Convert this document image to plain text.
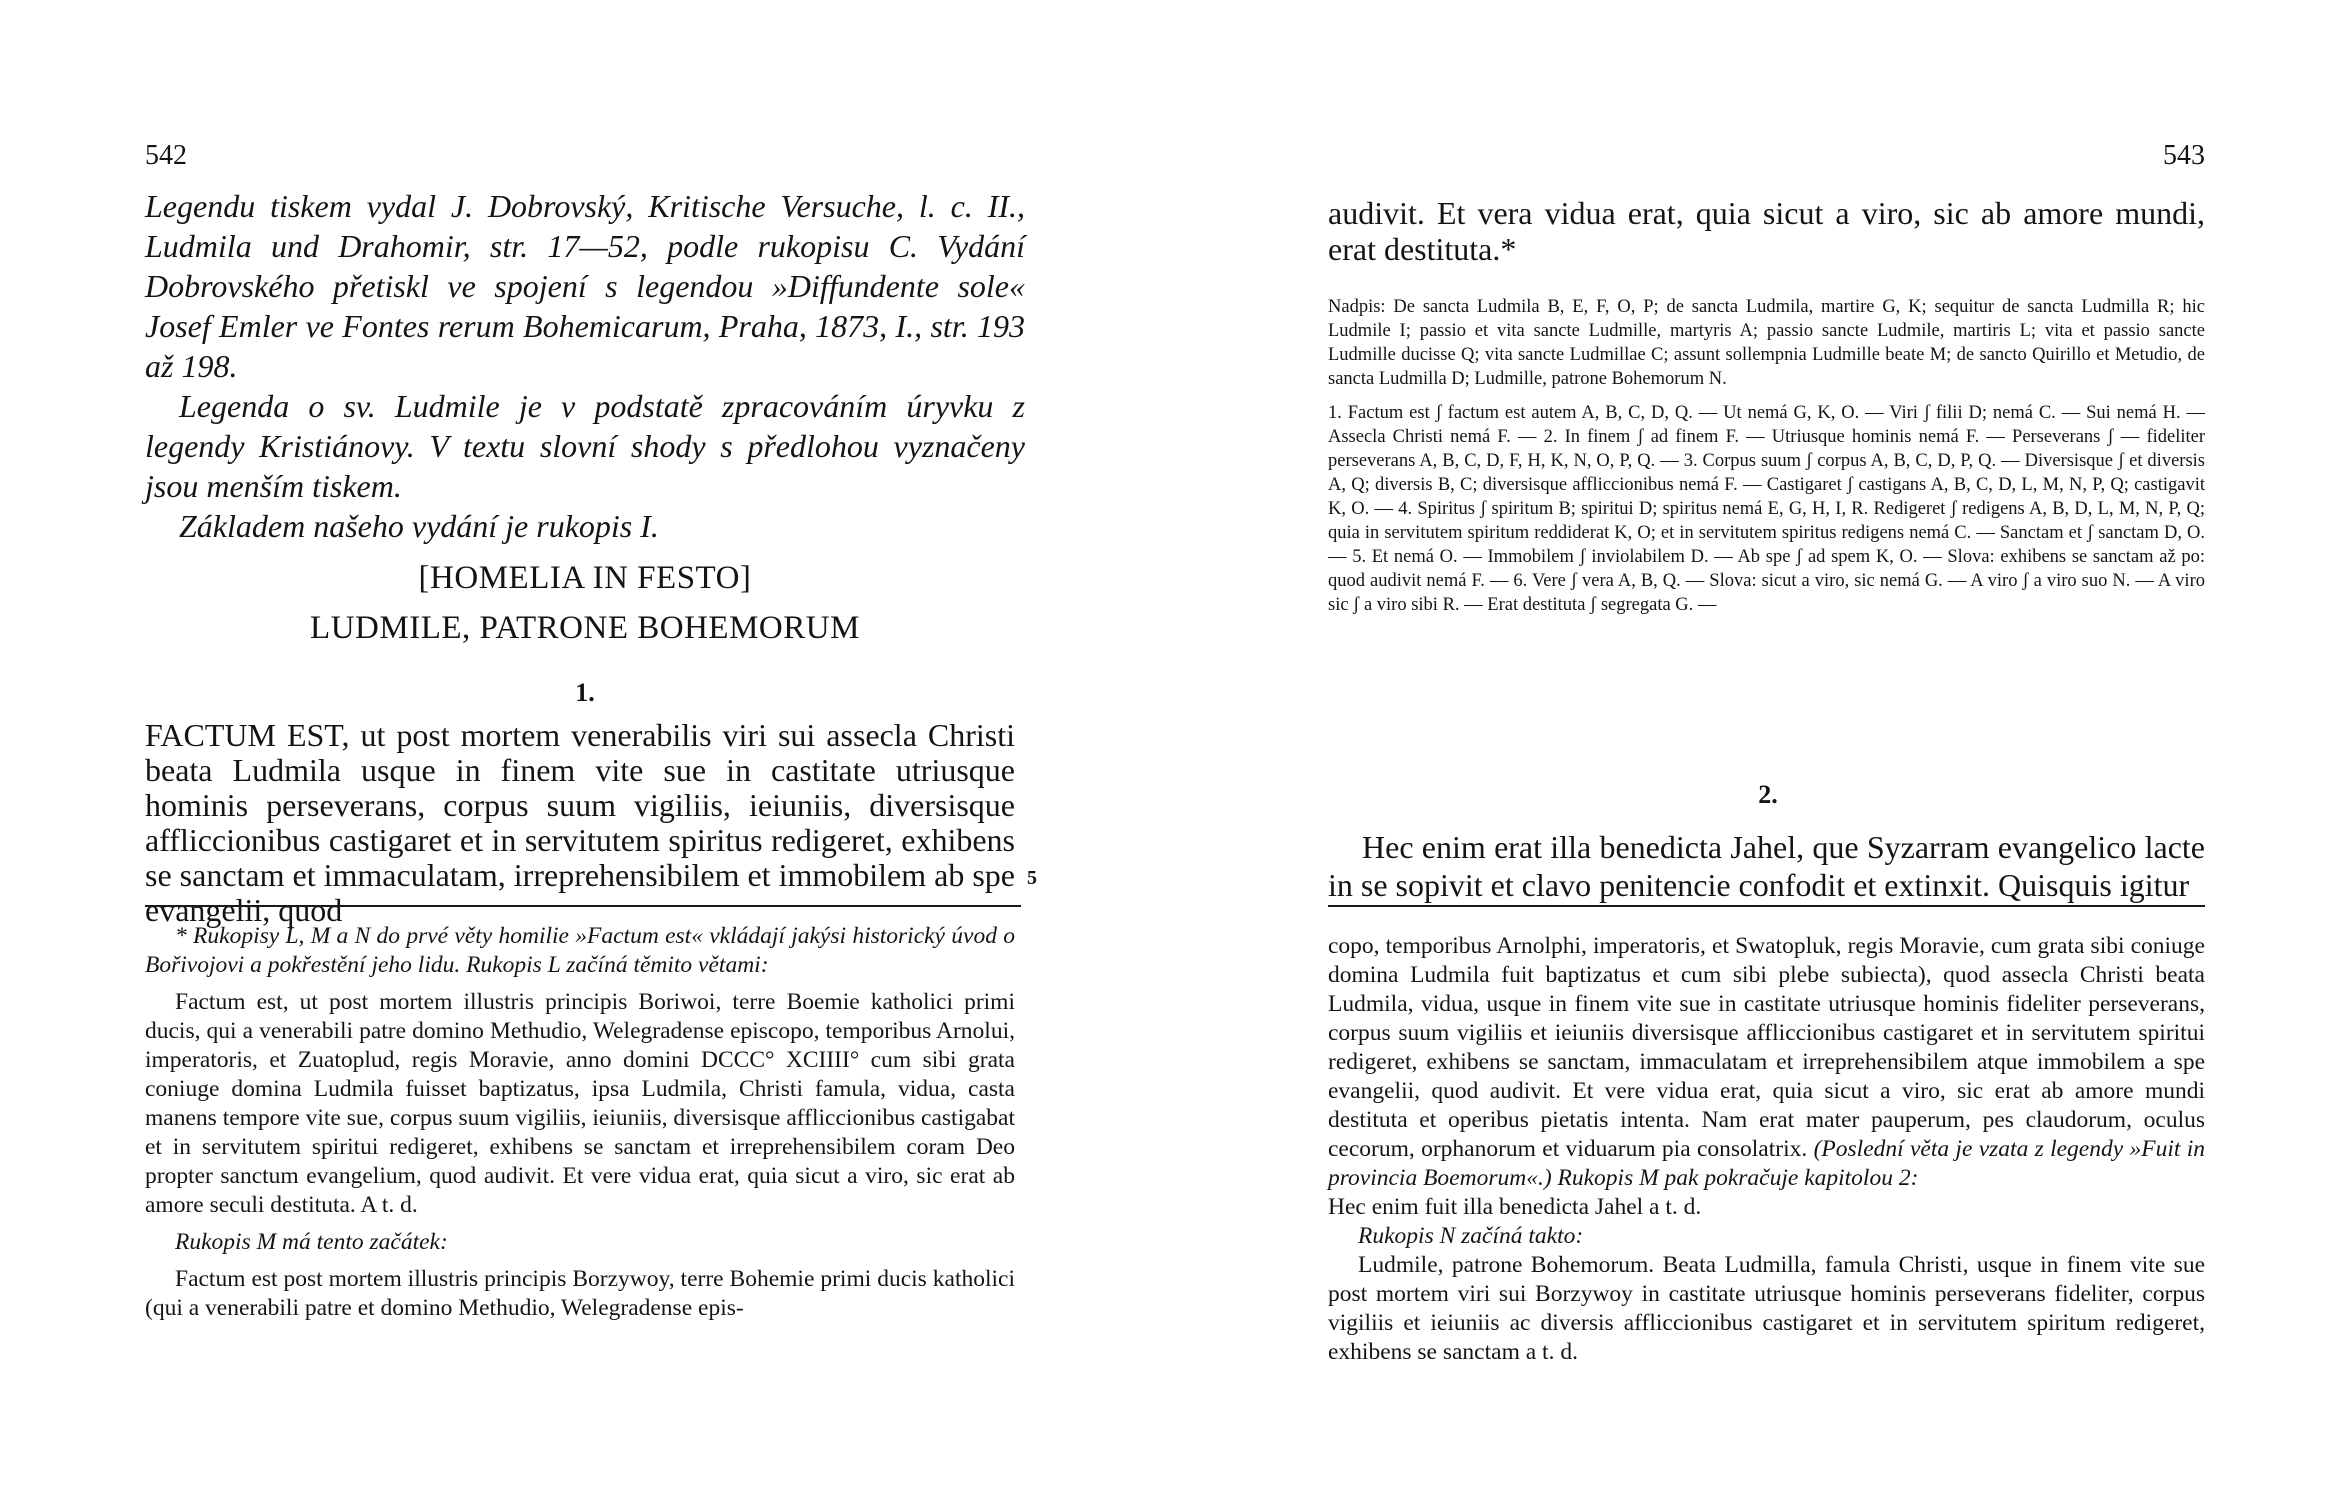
542

Legendu tiskem vydal J. Dobrovský, Kritische Versuche, l. c. II., Ludmila und Drahomir, str. 17—52, podle rukopisu C. Vydání Dobrovského přetiskl ve spojení s legendou »Diffundente sole« Josef Emler ve Fontes rerum Bohemicarum, Praha, 1873, I., str. 193 až 198.

Legenda o sv. Ludmile je v podstatě zpracováním úryvku z legendy Kristiánovy. V textu slovní shody s předlohou vyznačeny jsou menším tiskem.

Základem našeho vydání je rukopis I.

[HOMELIA IN FESTO]
LUDMILE, PATRONE BOHEMORUM
1.
FACTUM EST, ut post mortem venerabilis viri sui assecla Christi beata Ludmila usque in finem vite sue in castitate utriusque hominis perseverans, corpus suum vigiliis, ieiuniis, diversisque affliccionibus castigaret et in servitutem spiritus redigeret, exhibens se sanctam et immaculatam, irreprehensibilem et immobilem ab spe evangelii, quod
5

* Rukopisy L, M a N do prvé věty homilie »Factum est« vkládají jakýsi historický úvod o Bořivojovi a pokřestění jeho lidu. Rukopis L začíná těmito větami:

Factum est, ut post mortem illustris principis Boriwoi, terre Boemie katholici primi ducis, qui a venerabili patre domino Methudio, Welegradense episcopo, temporibus Arnolui, imperatoris, et Zuatoplud, regis Moravie, anno domini DCCC° XCIIII° cum sibi grata coniuge domina Ludmila fuisset baptizatus, ipsa Ludmila, Christi famula, vidua, casta manens tempore vite sue, corpus suum vigiliis, ieiuniis, diversisque affliccionibus castigabat et in servitutem spiritui redigeret, exhibens se sanctam et irreprehensibilem coram Deo propter sanctum evangelium, quod audivit. Et vere vidua erat, quia sicut a viro, sic erat ab amore seculi destituta. A t. d.

Rukopis M má tento začátek:

Factum est post mortem illustris principis Borzywoy, terre Bohemie primi ducis katholici (qui a venerabili patre et domino Methudio, Welegradense epis-

543
audivit. Et vera vidua erat, quia sicut a viro, sic ab amore mundi, erat destituta.*

Nadpis: De sancta Ludmila B, E, F, O, P; de sancta Ludmila, martire G, K; sequitur de sancta Ludmilla R; hic Ludmile I; passio et vita sancte Ludmille, martyris A; passio sancte Ludmile, martiris L; vita et passio sancte Ludmille ducisse Q; vita sancte Ludmillae C; assunt sollempnia Ludmille beate M; de sancto Quirillo et Metudio, de sancta Ludmilla D; Ludmille, patrone Bohemorum N.

1. Factum est ʃ factum est autem A, B, C, D, Q. — Ut nemá G, K, O. — Viri ʃ filii D; nemá C. — Sui nemá H. — Assecla Christi nemá F. — 2. In finem ʃ ad finem F. — Utriusque hominis nemá F. — Perseverans ʃ — fideliter perseverans A, B, C, D, F, H, K, N, O, P, Q. — 3. Corpus suum ʃ corpus A, B, C, D, P, Q. — Diversisque ʃ et diversis A, Q; diversis B, C; diversisque affliccionibus nemá F. — Castigaret ʃ castigans A, B, C, D, L, M, N, P, Q; castigavit K, O. — 4. Spiritus ʃ spiritum B; spiritui D; spiritus nemá E, G, H, I, R. Redigeret ʃ redigens A, B, D, L, M, N, P, Q; quia in servitutem spiritum reddiderat K, O; et in servitutem spiritus redigens nemá C. — Sanctam et ʃ sanctam D, O. — 5. Et nemá O. — Immobilem ʃ inviolabilem D. — Ab spe ʃ ad spem K, O. — Slova: exhibens se sanctam až po: quod audivit nemá F. — 6. Vere ʃ vera A, B, Q. — Slova: sicut a viro, sic nemá G. — A viro ʃ a viro suo N. — A viro sic ʃ a viro sibi R. — Erat destituta ʃ segregata G. —

2.
Hec enim erat illa benedicta Jahel, que Syzarram evangelico lacte in se sopivit et clavo penitencie confodit et extinxit. Quisquis igitur

copo, temporibus Arnolphi, imperatoris, et Swatopluk, regis Moravie, cum grata sibi coniuge domina Ludmila fuit baptizatus et cum sibi plebe subiecta), quod assecla Christi beata Ludmila, vidua, usque in finem vite sue in castitate utriusque hominis fideliter perseverans, corpus suum vigiliis et ieiuniis diversisque affliccionibus castigaret et in servitutem spiritui redigeret, exhibens se sanctam, immaculatam et irreprehensibilem atque immobilem a spe evangelii, quod audivit. Et vere vidua erat, quia sicut a viro, sic erat ab amore mundi destituta et operibus pietatis intenta. Nam erat mater pauperum, pes claudorum, oculus cecorum, orphanorum et viduarum pia consolatrix. (Poslední věta je vzata z legendy »Fuit in provincia Boemorum«.) Rukopis M pak pokračuje kapitolou 2:

Hec enim fuit illa benedicta Jahel a t. d.

Rukopis N začíná takto:

Ludmile, patrone Bohemorum. Beata Ludmilla, famula Christi, usque in finem vite sue post mortem viri sui Borzywoy in castitate utriusque hominis perseverans fideliter, corpus vigiliis et ieiuniis ac diversis affliccionibus castigaret et in servitutem spiritum redigeret, exhibens se sanctam a t. d.
